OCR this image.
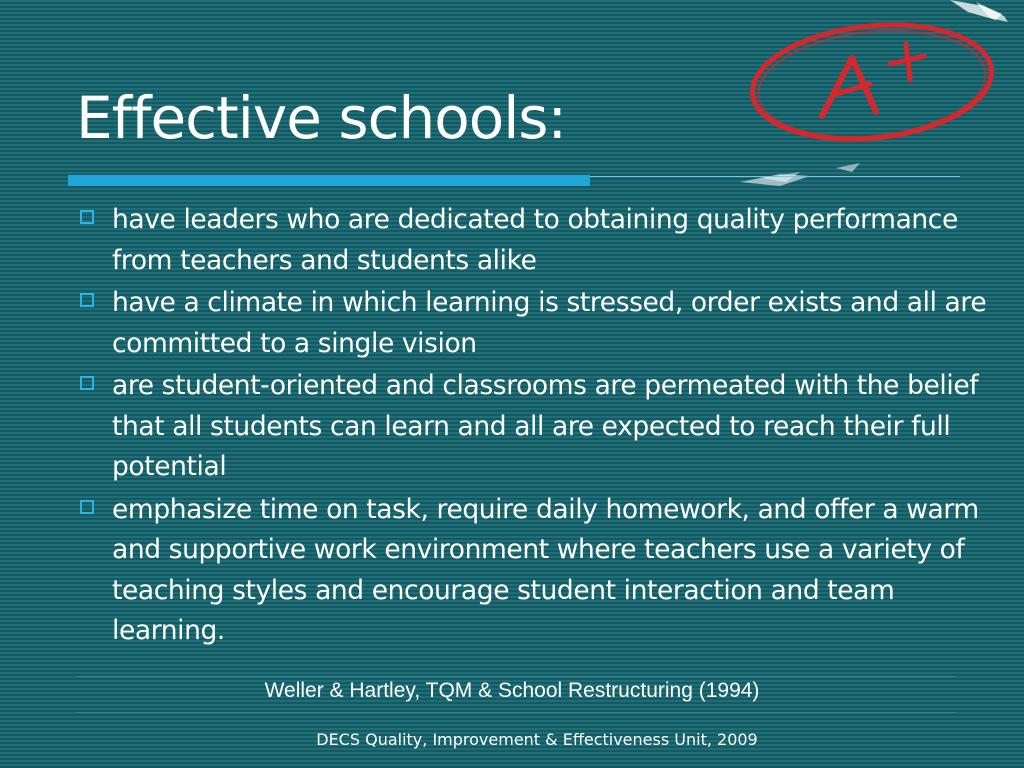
Effective schools:
have leaders who are dedicated to obtaining quality performance from teachers and students alike
have a climate in which learning is stressed, order exists and all are committed to a single vision
are student-oriented and classrooms are permeated with the belief that all students can learn and all are expected to reach their full potential
emphasize time on task, require daily homework, and offer a warm and supportive work environment where teachers use a variety of teaching styles and encourage student interaction and team learning.
Weller & Hartley, TQM & School Restructuring (1994)
DECS Quality, Improvement & Effectiveness Unit, 2009
